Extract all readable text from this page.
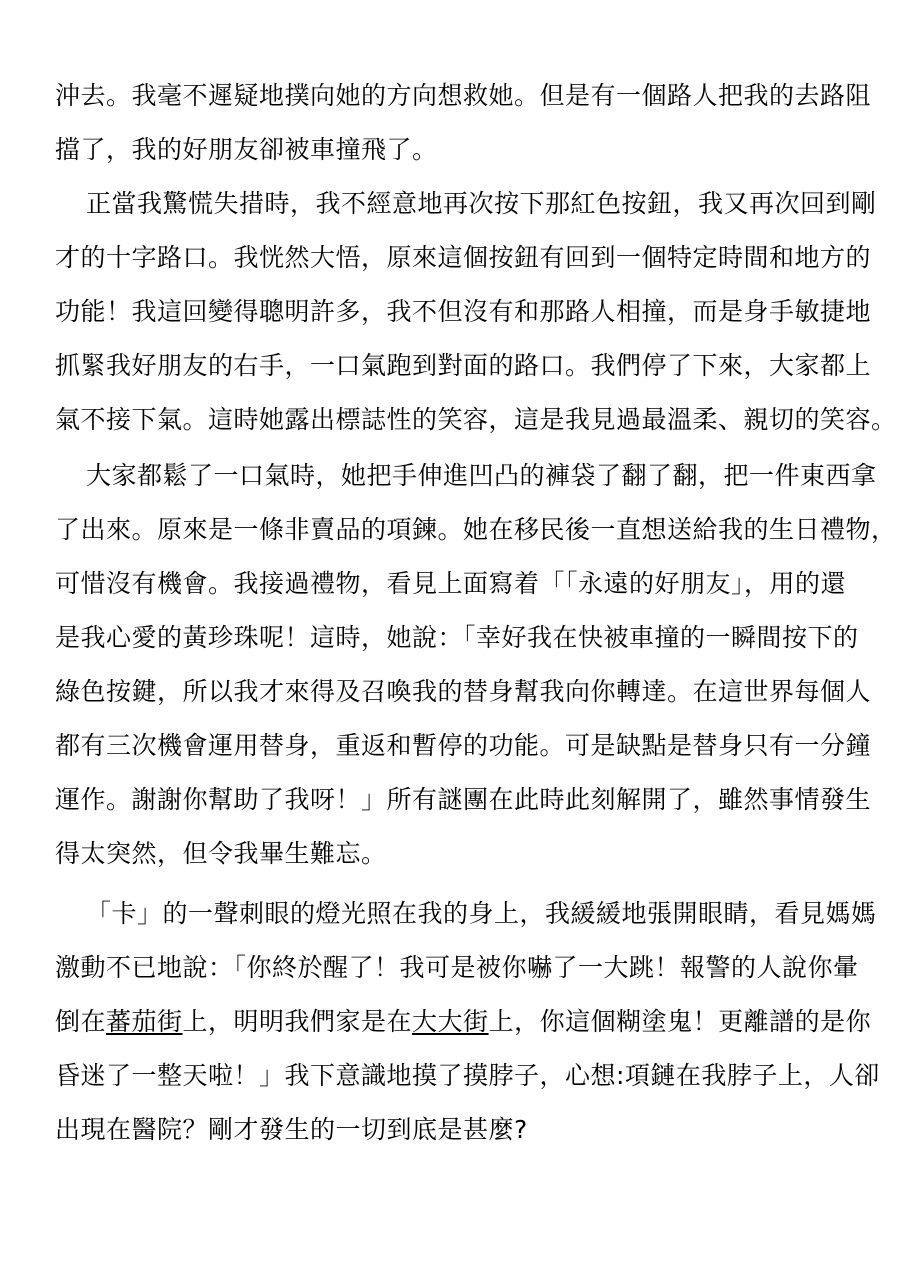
沖去。我毫不遲疑地撲向她的方向想救她。但是有一個路人把我的去路阻
擋了，我的好朋友卻被車撞飛了。
正當我驚慌失措時，我不經意地再次按下那紅色按鈕，我又再次回到剛
才的十字路口。我恍然大悟，原來這個按鈕有回到一個特定時間和地方的
功能！我這回變得聰明許多，我不但沒有和那路人相撞，而是身手敏捷地
抓緊我好朋友的右手，一口氣跑到對面的路口。我們停了下來，大家都上
氣不接下氣。這時她露出標誌性的笑容，這是我見過最溫柔、親切的笑容。
大家都鬆了一口氣時，她把手伸進凹凸的褲袋了翻了翻，把一件東西拿
了出來。原來是一條非賣品的項鍊。她在移民後一直想送給我的生日禮物，
可惜沒有機會。我接過禮物，看見上面寫着「「永遠的好朋友」，用的還
是我心愛的黃珍珠呢！這時，她說：「幸好我在快被車撞的一瞬間按下的
綠色按鍵，所以我才來得及召喚我的替身幫我向你轉達。在這世界每個人
都有三次機會運用替身，重返和暫停的功能。可是缺點是替身只有一分鐘
運作。謝謝你幫助了我呀！」所有謎團在此時此刻解開了，雖然事情發生
得太突然，但令我畢生難忘。
「卡」的一聲刺眼的燈光照在我的身上，我緩緩地張開眼睛，看見媽媽
激動不已地說：「你終於醒了！我可是被你嚇了一大跳！報警的人說你暈
倒在蕃茄街上，明明我們家是在大大街上，你這個糊塗鬼！更離譜的是你
昏迷了一整天啦！」我下意識地摸了摸脖子，心想:項鏈在我脖子上，人卻
出現在醫院？剛才發生的一切到底是甚麼?
